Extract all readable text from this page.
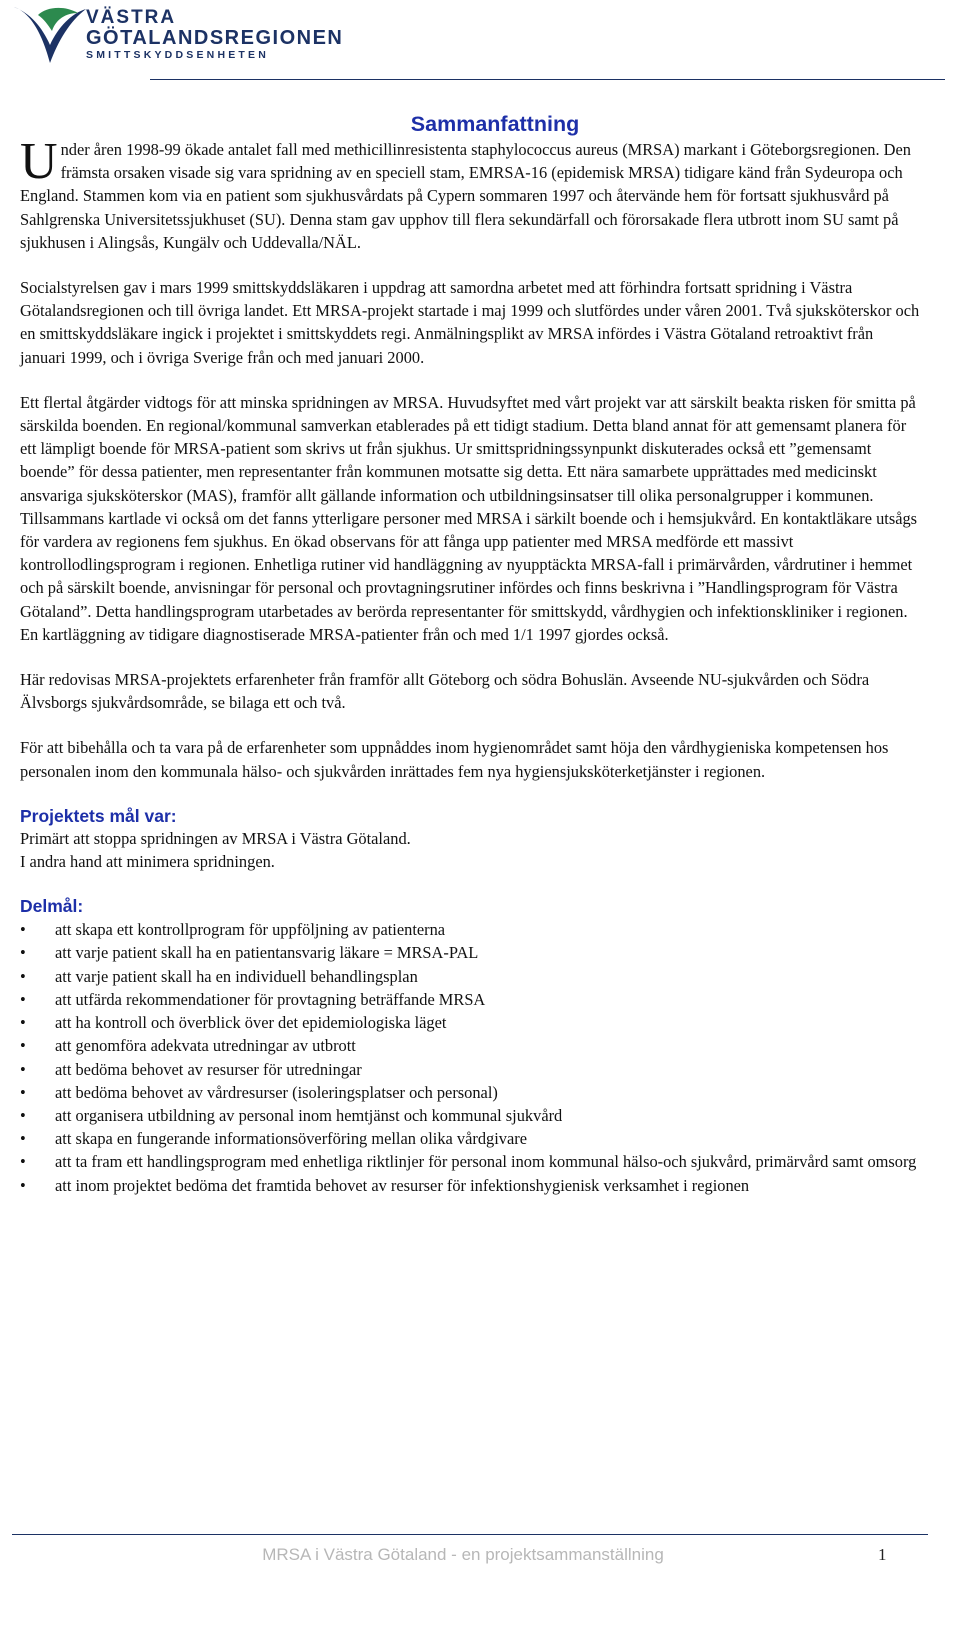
VÄSTRA
GÖTALANDSREGIONEN
SMITTSKYDDSENHETEN
Sammanfattning
Under åren 1998-99 ökade antalet fall med methicillinresistenta staphylococcus aureus (MRSA) markant i Göteborgsregionen. Den främsta orsaken visade sig vara spridning av en speciell stam, EMRSA-16 (epidemisk MRSA) tidigare känd från Sydeuropa och England. Stammen kom via en patient som sjukhusvårdats på Cypern sommaren 1997 och återvände hem för fortsatt sjukhusvård på Sahlgrenska Universitetssjukhuset (SU). Denna stam gav upphov till flera sekundärfall och förorsakade flera utbrott inom SU samt på sjukhusen i Alingsås, Kungälv och Uddevalla/NÄL.

Socialstyrelsen gav i mars 1999 smittskyddsläkaren i uppdrag att samordna arbetet med att förhindra fortsatt spridning i Västra Götalandsregionen och till övriga landet. Ett MRSA-projekt startade i maj 1999 och slutfördes under våren 2001. Två sjuksköterskor och en smittskyddsläkare ingick i projektet i smittskyddets regi. Anmälningsplikt av MRSA infördes i Västra Götaland retroaktivt från januari 1999, och i övriga Sverige från och med januari 2000.

Ett flertal åtgärder vidtogs för att minska spridningen av MRSA. Huvudsyftet med vårt projekt var att särskilt beakta risken för smitta på särskilda boenden. En regional/kommunal samverkan etablerades på ett tidigt stadium. Detta bland annat för att gemensamt planera för ett lämpligt boende för MRSA-patient som skrivs ut från sjukhus. Ur smittspridningssynpunkt diskuterades också ett ”gemensamt boende” för dessa patienter, men representanter från kommunen motsatte sig detta. Ett nära samarbete upprättades med medicinskt ansvariga sjuksköterskor (MAS), framför allt gällande information och utbildningsinsatser till olika personalgrupper i kommunen. Tillsammans kartlade vi också om det fanns ytterligare personer med MRSA i särkilt boende och i hemsjukvård. En kontaktläkare utsågs för vardera av regionens fem sjukhus. En ökad observans för att fånga upp patienter med MRSA medförde ett massivt kontrollodlingsprogram i regionen. Enhetliga rutiner vid handläggning av nyupptäckta MRSA-fall i primärvården, vårdrutiner i hemmet och på särskilt boende, anvisningar för personal och provtagningsrutiner infördes och finns beskrivna i ”Handlingsprogram för Västra Götaland”. Detta handlingsprogram utarbetades av berörda representanter för smittskydd, vårdhygien och infektionskliniker i regionen. En kartläggning av tidigare diagnostiserade MRSA-patienter från och med 1/1 1997 gjordes också.

Här redovisas MRSA-projektets erfarenheter från framför allt Göteborg och södra Bohuslän. Avseende NU-sjukvården och Södra Älvsborgs sjukvårdsområde, se bilaga ett och två.

För att bibehålla och ta vara på de erfarenheter som uppnåddes inom hygienområdet samt höja den vårdhygieniska kompetensen hos personalen inom den kommunala hälso- och sjukvården inrättades fem nya hygiensjuksköterketjänster i regionen.

Projektets mål var:
Primärt att stoppa spridningen av MRSA i Västra Götaland.
I andra hand att minimera spridningen.
Delmål:
• att skapa ett kontrollprogram för uppföljning av patienterna
• att varje patient skall ha en patientansvarig läkare = MRSA-PAL
• att varje patient skall ha en individuell behandlingsplan
• att utfärda rekommendationer för provtagning beträffande MRSA
• att ha kontroll och överblick över det epidemiologiska läget
• att genomföra adekvata utredningar av utbrott
• att bedöma behovet av resurser för utredningar
• att bedöma behovet av vårdresurser (isoleringsplatser och personal)
• att organisera utbildning av personal inom hemtjänst och kommunal sjukvård
• att skapa en fungerande informationsöverföring mellan olika vårdgivare
• att ta fram ett handlingsprogram med enhetliga riktlinjer för personal inom kommunal hälso-och sjukvård, primärvård samt omsorg
• att inom projektet bedöma det framtida behovet av resurser för infektionshygienisk verksamhet i regionen
MRSA i Västra Götaland - en projektsammanställning	1
